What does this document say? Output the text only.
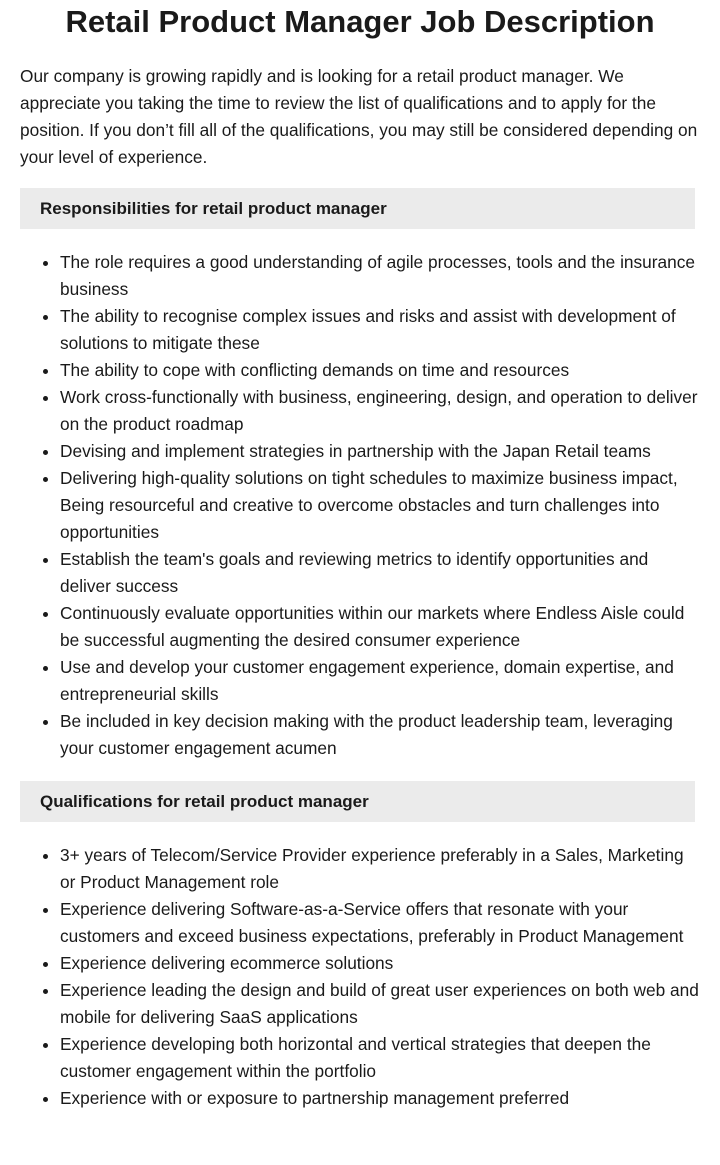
Retail Product Manager Job Description

Our company is growing rapidly and is looking for a retail product manager. We appreciate you taking the time to review the list of qualifications and to apply for the position. If you don’t fill all of the qualifications, you may still be considered depending on your level of experience.

Responsibilities for retail product manager
• The role requires a good understanding of agile processes, tools and the insurance business
• The ability to recognise complex issues and risks and assist with development of solutions to mitigate these
• The ability to cope with conflicting demands on time and resources
• Work cross-functionally with business, engineering, design, and operation to deliver on the product roadmap
• Devising and implement strategies in partnership with the Japan Retail teams
• Delivering high-quality solutions on tight schedules to maximize business impact, Being resourceful and creative to overcome obstacles and turn challenges into opportunities
• Establish the team's goals and reviewing metrics to identify opportunities and deliver success
• Continuously evaluate opportunities within our markets where Endless Aisle could be successful augmenting the desired consumer experience
• Use and develop your customer engagement experience, domain expertise, and entrepreneurial skills
• Be included in key decision making with the product leadership team, leveraging your customer engagement acumen
Qualifications for retail product manager
• 3+ years of Telecom/Service Provider experience preferably in a Sales, Marketing or Product Management role
• Experience delivering Software-as-a-Service offers that resonate with your customers and exceed business expectations, preferably in Product Management
• Experience delivering ecommerce solutions
• Experience leading the design and build of great user experiences on both web and mobile for delivering SaaS applications
• Experience developing both horizontal and vertical strategies that deepen the customer engagement within the portfolio
• Experience with or exposure to partnership management preferred
